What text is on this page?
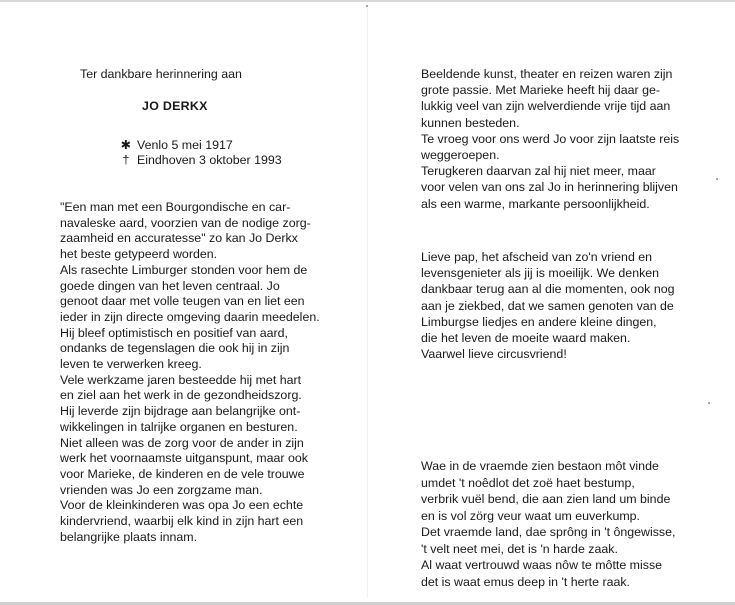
Ter dankbare herinnering aan
JO DERKX
✱ Venlo 5 mei 1917
† Eindhoven 3 oktober 1993
"Een man met een Bourgondische en car-
navaleske aard, voorzien van de nodige zorg-
zaamheid en accuratesse" zo kan Jo Derkx
het beste getypeerd worden.
Als rasechte Limburger stonden voor hem de
goede dingen van het leven centraal. Jo
genoot daar met volle teugen van en liet een
ieder in zijn directe omgeving daarin meedelen.
Hij bleef optimistisch en positief van aard,
ondanks de tegenslagen die ook hij in zijn
leven te verwerken kreeg.
Vele werkzame jaren besteedde hij met hart
en ziel aan het werk in de gezondheidszorg.
Hij leverde zijn bijdrage aan belangrijke ont-
wikkelingen in talrijke organen en besturen.
Niet alleen was de zorg voor de ander in zijn
werk het voornaamste uitganspunt, maar ook
voor Marieke, de kinderen en de vele trouwe
vrienden was Jo een zorgzame man.
Voor de kleinkinderen was opa Jo een echte
kindervriend, waarbij elk kind in zijn hart een
belangrijke plaats innam.
Beeldende kunst, theater en reizen waren zijn
grote passie. Met Marieke heeft hij daar ge-
lukkig veel van zijn welverdiende vrije tijd aan
kunnen besteden.
Te vroeg voor ons werd Jo voor zijn laatste reis
weggeroepen.
Terugkeren daarvan zal hij niet meer, maar
voor velen van ons zal Jo in herinnering blijven
als een warme, markante persoonlijkheid.
Lieve pap, het afscheid van zo'n vriend en
levensgenieter als jij is moeilijk. We denken
dankbaar terug aan al die momenten, ook nog
aan je ziekbed, dat we samen genoten van de
Limburgse liedjes en andere kleine dingen,
die het leven de moeite waard maken.
Vaarwel lieve circusvriend!
Wae in de vraemde zien bestaon môt vinde
umdet 't noêdlot det zoë haet bestump,
verbrik vuël bend, die aan zien land um binde
en is vol zörg veur waat um euverkump.
Det vraemde land, dae sprông in 't ôngewisse,
't velt neet mei, det is 'n harde zaak.
Al waat vertrouwd waas nôw te môtte misse
det is waat emus deep in 't herte raak.
